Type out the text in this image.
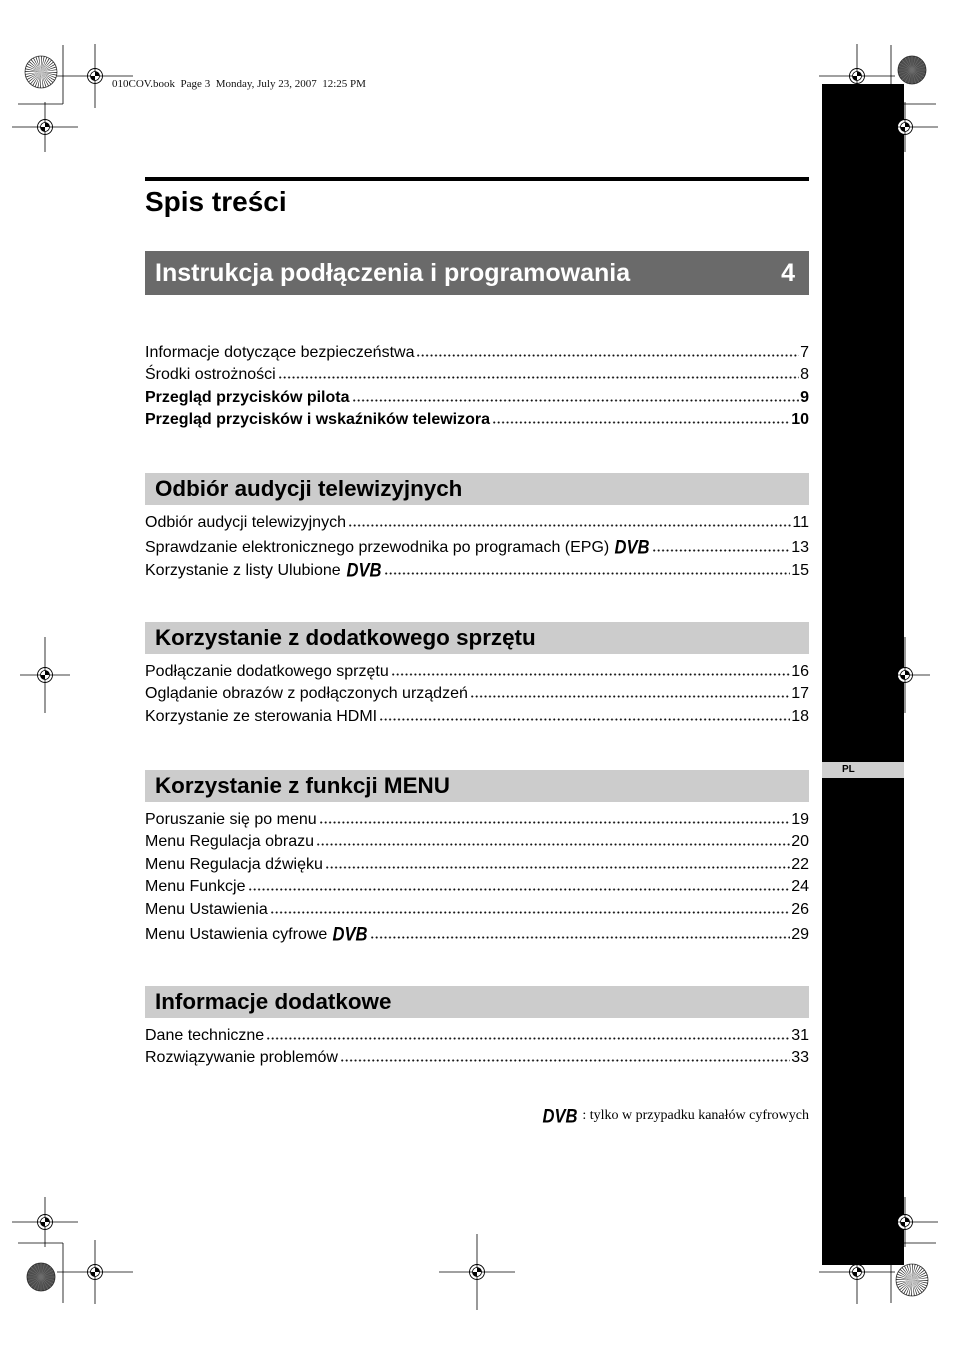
PL
010COV.book  Page 3  Monday, July 23, 2007  12:25 PM
Spis treści
Instrukcja podłączenia i programowania	4
Informacje dotyczące bezpieczeństwa	7
Środki ostrożności	8
Przegląd przycisków pilota	9
Przegląd przycisków i wskaźników telewizora	10
Odbiór audycji telewizyjnych
Odbiór audycji telewizyjnych	11
Sprawdzanie elektronicznego przewodnika po programach (EPG) DVB	13
Korzystanie z listy Ulubione DVB	15
Korzystanie z dodatkowego sprzętu
Podłączanie dodatkowego sprzętu	16
Oglądanie obrazów z podłączonych urządzeń	17
Korzystanie ze sterowania HDMI	18
Korzystanie z funkcji MENU
Poruszanie się po menu	19
Menu Regulacja obrazu	20
Menu Regulacja dźwięku	22
Menu Funkcje	24
Menu Ustawienia	26
Menu Ustawienia cyfrowe DVB	29
Informacje dodatkowe
Dane techniczne	31
Rozwiązywanie problemów	33
DVB : tylko w przypadku kanałów cyfrowych
